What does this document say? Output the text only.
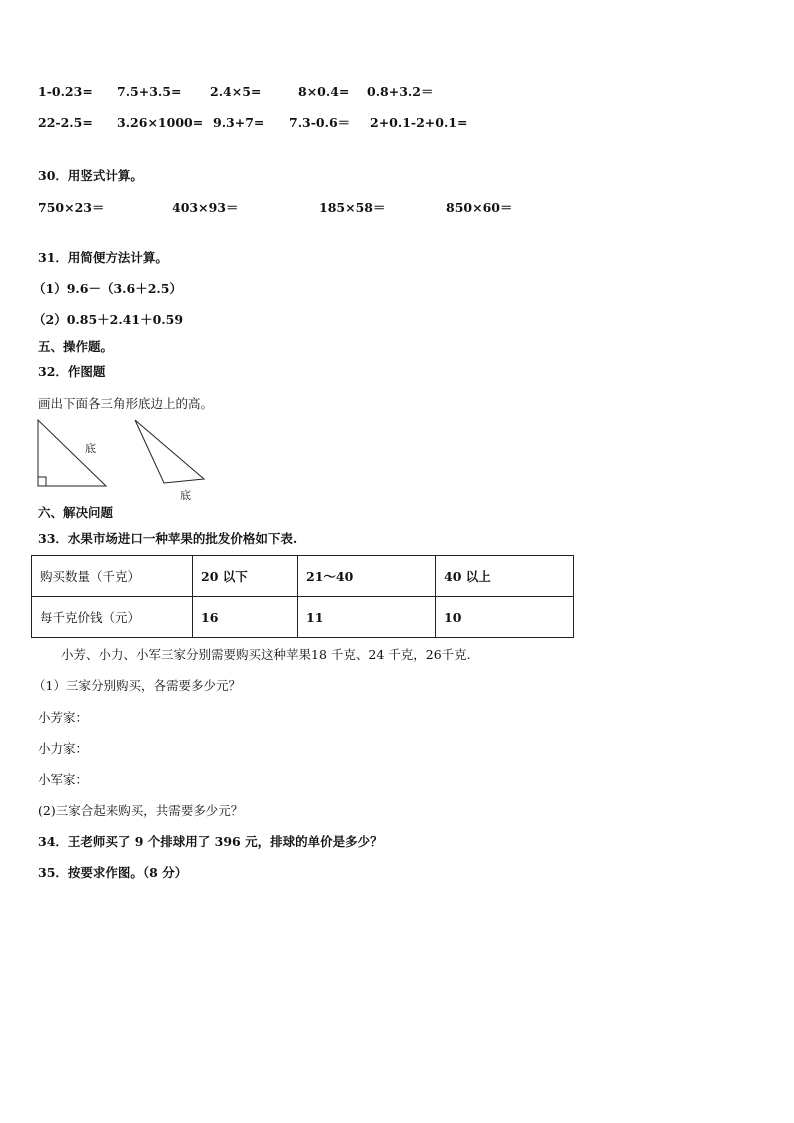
1-0.23= 7.5+3.5= 2.4×5=	8×0.4= 0.8+3.2＝
22-2.5= 3.26×1000= 9.3+7= 7.3-0.6＝ 2+0.1-2+0.1=
30．用竖式计算。
750×23＝	403×93＝	185×58＝	850×60＝
31．用简便方法计算。
（1）9.6－（3.6＋2.5）
（2）0.85＋2.41＋0.59
五、操作题。
32．作图题
画出下面各三角形底边上的高。
底
底
六、解决问题
33．水果市场进口一种苹果的批发价格如下表.
购买数量（千克）	20 以下	21～40	40 以上
每千克价钱（元）	16	11	10
小芳、小力、小军三家分别需要购买这种苹果18 千克、24 千克，26千克.
（1）三家分别购买，各需要多少元？
小芳家：
小力家：
小军家：
(2)三家合起来购买，共需要多少元？
34．王老师买了 9 个排球用了 396 元，排球的单价是多少？
35．按要求作图。（8 分）
